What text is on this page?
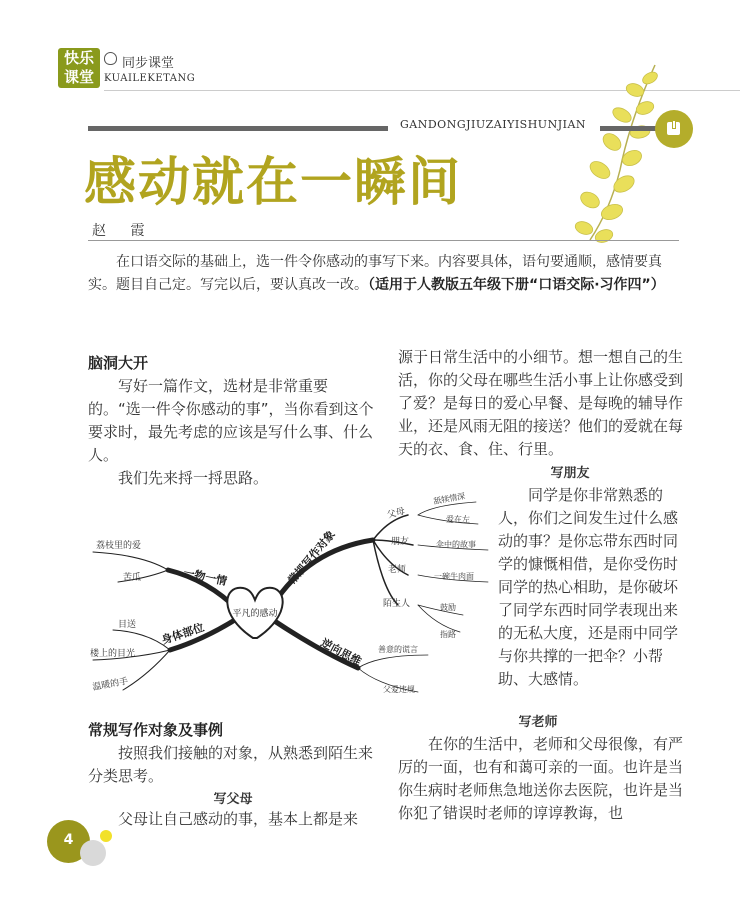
快乐
课堂
同步课堂
KUAILEKETANG
GANDONGJIUZAIYISHUNJIAN
感动就在一瞬间
赵 霞
在口语交际的基础上，选一件令你感动的事写下来。内容要具体，语句要通顺，感情要真实。题目自己定。写完以后，要认真改一改。（适用于人教版五年级下册“口语交际·习作四”）
脑洞大开
写好一篇作文，选材是非常重要的。“选一件令你感动的事”，当你看到这个要求时，最先考虑的应该是写什么事、什么人。
我们先来捋一捋思路。
平凡的感动
一物一情
身体部位
常规写作对象
逆向思维
荔枝里的爱
苦瓜
目送
楼上的目光
温暖的手
父母
朋友
老师
陌生人
舐犊情深
爱在左
伞中的故事
一碗牛肉面
鼓励
指路
善意的谎言
父爱违规
常规写作对象及事例
按照我们接触的对象，从熟悉到陌生来分类思考。
写父母
父母让自己感动的事，基本上都是来
源于日常生活中的小细节。想一想自己的生活，你的父母在哪些生活小事上让你感受到了爱？是每日的爱心早餐、是每晚的辅导作业，还是风雨无阻的接送？他们的爱就在每天的衣、食、住、行里。
写朋友
同学是你非常熟悉的人，你们之间发生过什么感动的事？是你忘带东西时同学的慷慨相借，是你受伤时同学的热心相助，是你破坏了同学东西时同学表现出来的无私大度，还是雨中同学与你共撑的一把伞？小帮助、大感情。
写老师
在你的生活中，老师和父母很像，有严厉的一面，也有和蔼可亲的一面。也许是当你生病时老师焦急地送你去医院，也许是当你犯了错误时老师的谆谆教诲，也
4
